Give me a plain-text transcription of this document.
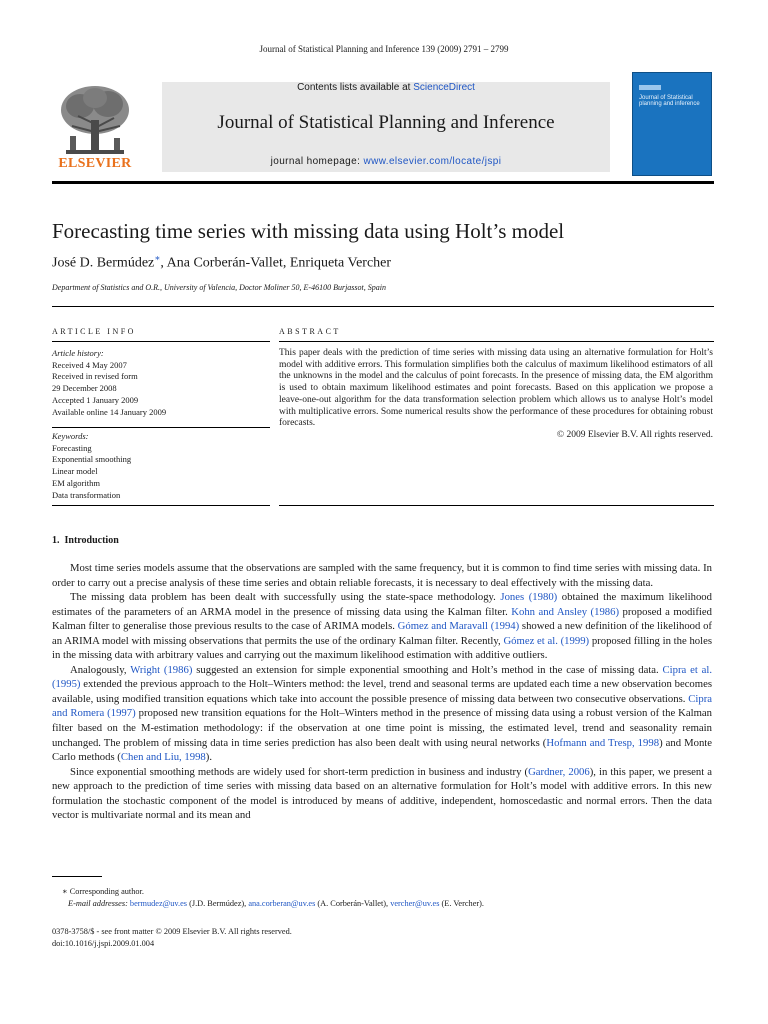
Journal of Statistical Planning and Inference 139 (2009) 2791 – 2799
ELSEVIER
Contents lists available at ScienceDirect
Journal of Statistical Planning and Inference
journal homepage: www.elsevier.com/locate/jspi
Journal of Statistical planning and inference
Forecasting time series with missing data using Holt’s model
José D. Bermúdez∗, Ana Corberán-Vallet, Enriqueta Vercher
Department of Statistics and O.R., University of Valencia, Doctor Moliner 50, E-46100 Burjassot, Spain
ARTICLE INFO	ABSTRACT
Article history:
Received 4 May 2007
Received in revised form
29 December 2008
Accepted 1 January 2009
Available online 14 January 2009
Keywords:
Forecasting
Exponential smoothing
Linear model
EM algorithm
Data transformation
This paper deals with the prediction of time series with missing data using an alternative formulation for Holt’s model with additive errors. This formulation simplifies both the calculus of maximum likelihood estimators of all the unknowns in the model and the calculus of point forecasts. In the presence of missing data, the EM algorithm is used to obtain maximum likelihood estimates and point forecasts. Based on this application we propose a leave-one-out algorithm for the data transformation selection problem which allows us to analyse Holt’s model with multiplicative errors. Some numerical results show the performance of these procedures for obtaining robust forecasts.
© 2009 Elsevier B.V. All rights reserved.
1.  Introduction

Most time series models assume that the observations are sampled with the same frequency, but it is common to find time series with missing data. In order to carry out a precise analysis of these time series and obtain reliable forecasts, it is necessary to deal effectively with the missing data.

The missing data problem has been dealt with successfully using the state-space methodology. Jones (1980) obtained the maximum likelihood estimates of the parameters of an ARMA model in the presence of missing data using the Kalman filter. Kohn and Ansley (1986) proposed a modified Kalman filter to generalise those previous results to the case of ARIMA models. Gómez and Maravall (1994) showed a new definition of the likelihood of an ARIMA model with missing observations that permits the use of the ordinary Kalman filter. Recently, Gómez et al. (1999) proposed filling in the holes in the missing data with arbitrary values and carrying out the maximum likelihood estimation with additive outliers.

Analogously, Wright (1986) suggested an extension for simple exponential smoothing and Holt’s method in the case of missing data. Cipra et al. (1995) extended the previous approach to the Holt–Winters method: the level, trend and seasonal terms are updated each time a new observation becomes available, using modified transition equations which take into account the possible presence of missing data between two consecutive observations. Cipra and Romera (1997) proposed new transition equations for the Holt–Winters method in the presence of missing data using a robust version of the Kalman filter based on the M-estimation methodology: if the observation at one time point is missing, the estimated level, trend and seasonality remain unchanged. The problem of missing data in time series prediction has also been dealt with using neural networks (Hofmann and Tresp, 1998) and Monte Carlo methods (Chen and Liu, 1998).

Since exponential smoothing methods are widely used for short-term prediction in business and industry (Gardner, 2006), in this paper, we present a new approach to the prediction of time series with missing data based on an alternative formulation for Holt’s model with additive errors. In this new formulation the stochastic component of the model is introduced by means of additive, independent, homoscedastic and normal errors. Then the data vector is multivariate normal and its mean and

∗ Corresponding author.
E-mail addresses: bermudez@uv.es (J.D. Bermúdez), ana.corberan@uv.es (A. Corberán-Vallet), vercher@uv.es (E. Vercher).
0378-3758/$ - see front matter © 2009 Elsevier B.V. All rights reserved.
doi:10.1016/j.jspi.2009.01.004
